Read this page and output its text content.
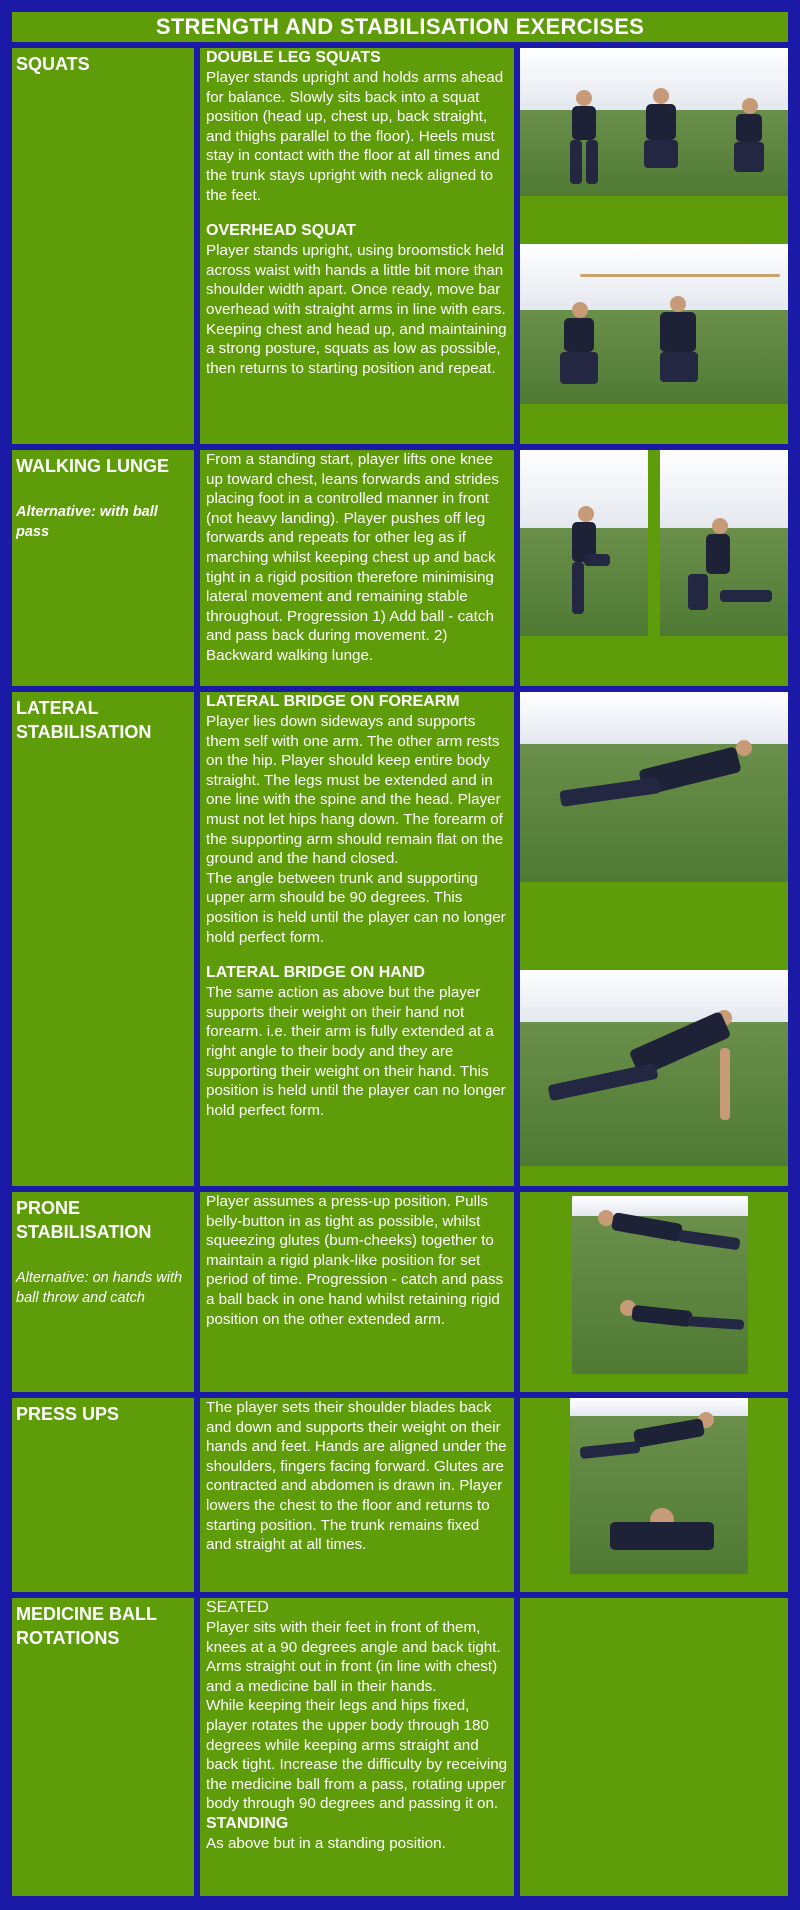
STRENGTH AND STABILISATION EXERCISES
SQUATS	DOUBLE LEG SQUATS
Player stands upright and holds arms ahead for balance. Slowly sits back into a squat position (head up, chest up, back straight, and thighs parallel to the floor). Heels must stay in contact with the floor at all times and the trunk stays upright with neck aligned to the feet.
OVERHEAD SQUAT
Player stands upright, using broomstick held across waist with hands a little bit more than shoulder width apart. Once ready, move bar overhead with straight arms in line with ears. Keeping chest and head up, and maintaining a strong posture, squats as low as possible, then returns to starting position and repeat.
WALKING LUNGE
Alternative: with ball pass
From a standing start, player lifts one knee up toward chest, leans forwards and strides placing foot in a controlled manner in front (not heavy landing). Player pushes off leg forwards and repeats for other leg as if marching whilst keeping chest up and back tight in a rigid position therefore minimising lateral movement and remaining stable throughout. Progression 1) Add ball - catch and pass back during movement. 2) Backward walking lunge.
LATERAL STABILISATION
LATERAL BRIDGE ON FOREARM
Player lies down sideways and supports them self with one arm. The other arm rests on the hip. Player should keep entire body straight. The legs must be extended and in one line with the spine and the head. Player must not let hips hang down. The forearm of the supporting arm should remain flat on the ground and the hand closed.
The angle between trunk and supporting upper arm should be 90 degrees. This position is held until the player can no longer hold perfect form.
LATERAL BRIDGE ON HAND
The same action as above but the player supports their weight on their hand not forearm. i.e. their arm is fully extended at a right angle to their body and they are supporting their weight on their hand. This position is held until the player can no longer hold perfect form.
PRONE STABILISATION
Alternative: on hands with ball throw and catch
Player assumes a press-up position. Pulls belly-button in as tight as possible, whilst squeezing glutes (bum-cheeks) together to maintain a rigid plank-like position for set period of time. Progression - catch and pass a ball back in one hand whilst retaining rigid position on the other extended arm.
PRESS UPS	The player sets their shoulder blades back and down and supports their weight on their hands and feet. Hands are aligned under the shoulders, fingers facing forward. Glutes are contracted and abdomen is drawn in. Player lowers the chest to the floor and returns to starting position. The trunk remains fixed and straight at all times.
MEDICINE BALL ROTATIONS
SEATED
Player sits with their feet in front of them, knees at a 90 degrees angle and back tight. Arms straight out in front (in line with chest) and a medicine ball in their hands.
While keeping their legs and hips fixed, player rotates the upper body through 180 degrees while keeping arms straight and back tight. Increase the difficulty by receiving the medicine ball from a pass, rotating upper body through 90 degrees and passing it on.
STANDING
As above but in a standing position.
